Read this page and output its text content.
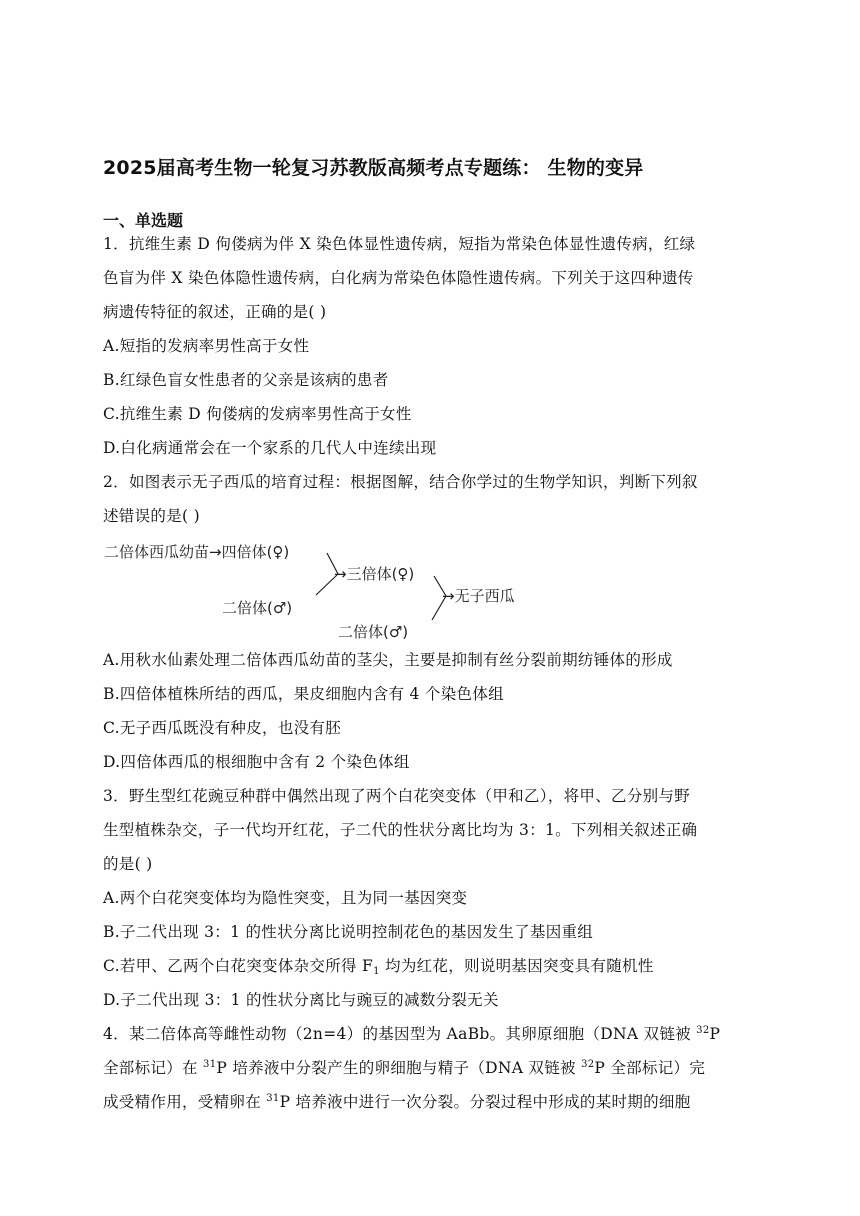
2025届高考生物一轮复习苏教版高频考点专题练： 生物的变异
一、单选题
1．抗维生素 D 佝偻病为伴 X 染色体显性遗传病，短指为常染色体显性遗传病，红绿
色盲为伴 X 染色体隐性遗传病，白化病为常染色体隐性遗传病。下列关于这四种遗传
病遗传特征的叙述，正确的是( )
A.短指的发病率男性高于女性
B.红绿色盲女性患者的父亲是该病的患者
C.抗维生素 D 佝偻病的发病率男性高于女性
D.白化病通常会在一个家系的几代人中连续出现
2．如图表示无子西瓜的培育过程：根据图解，结合你学过的生物学知识，判断下列叙
述错误的是( )
二倍体西瓜幼苗→四倍体(♀)
→三倍体(♀)
二倍体(♂)
→无子西瓜
二倍体(♂)
A.用秋水仙素处理二倍体西瓜幼苗的茎尖，主要是抑制有丝分裂前期纺锤体的形成
B.四倍体植株所结的西瓜，果皮细胞内含有 4 个染色体组
C.无子西瓜既没有种皮，也没有胚
D.四倍体西瓜的根细胞中含有 2 个染色体组
3．野生型红花豌豆种群中偶然出现了两个白花突变体（甲和乙），将甲、乙分别与野
生型植株杂交，子一代均开红花，子二代的性状分离比均为 3：1。下列相关叙述正确
的是( )
A.两个白花突变体均为隐性突变，且为同一基因突变
B.子二代出现 3：1 的性状分离比说明控制花色的基因发生了基因重组
C.若甲、乙两个白花突变体杂交所得 $F_1$ 均为红花，则说明基因突变具有随机性
D.子二代出现 3：1 的性状分离比与豌豆的减数分裂无关
4．某二倍体高等雌性动物（2n=4）的基因型为 AaBb。其卵原细胞（DNA 双链被 $^{32}$P
全部标记）在 $^{31}$P 培养液中分裂产生的卵细胞与精子（DNA 双链被 $^{32}$P 全部标记）完
成受精作用，受精卵在 $^{31}$P 培养液中进行一次分裂。分裂过程中形成的某时期的细胞
